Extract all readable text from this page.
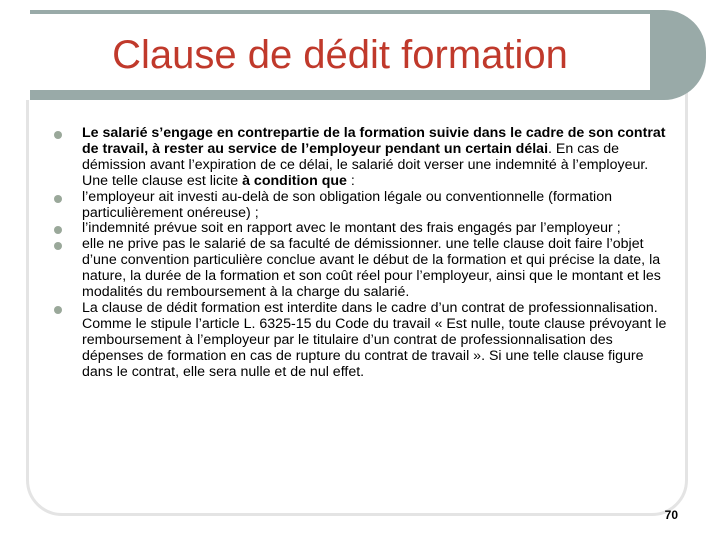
Clause de dédit formation
Le salarié s’engage en contrepartie de la formation suivie dans le cadre de son contrat de travail, à rester au service de l’employeur pendant un certain délai. En cas de démission avant l’expiration de ce délai, le salarié doit verser une indemnité à l’employeur. Une telle clause est licite à condition que :
l’employeur ait investi au-delà de son obligation légale ou conventionnelle (formation particulièrement onéreuse) ;
l’indemnité prévue soit en rapport avec le montant des frais engagés par l’employeur ;
elle ne prive pas le salarié de sa faculté de démissionner. une telle clause doit faire l’objet d’une convention particulière conclue avant le début de la formation et qui précise la date, la nature, la durée de la formation et son coût réel pour l’employeur, ainsi que le montant et les modalités du remboursement à la charge du salarié.
La clause de dédit formation est interdite dans le cadre d’un contrat de professionnalisation. Comme le stipule l’article L. 6325-15 du Code du travail « Est nulle, toute clause prévoyant le remboursement à l’employeur par le titulaire d’un contrat de professionnalisation des dépenses de formation en cas de rupture du contrat de travail ». Si une telle clause figure dans le contrat, elle sera nulle et de nul effet.
70
